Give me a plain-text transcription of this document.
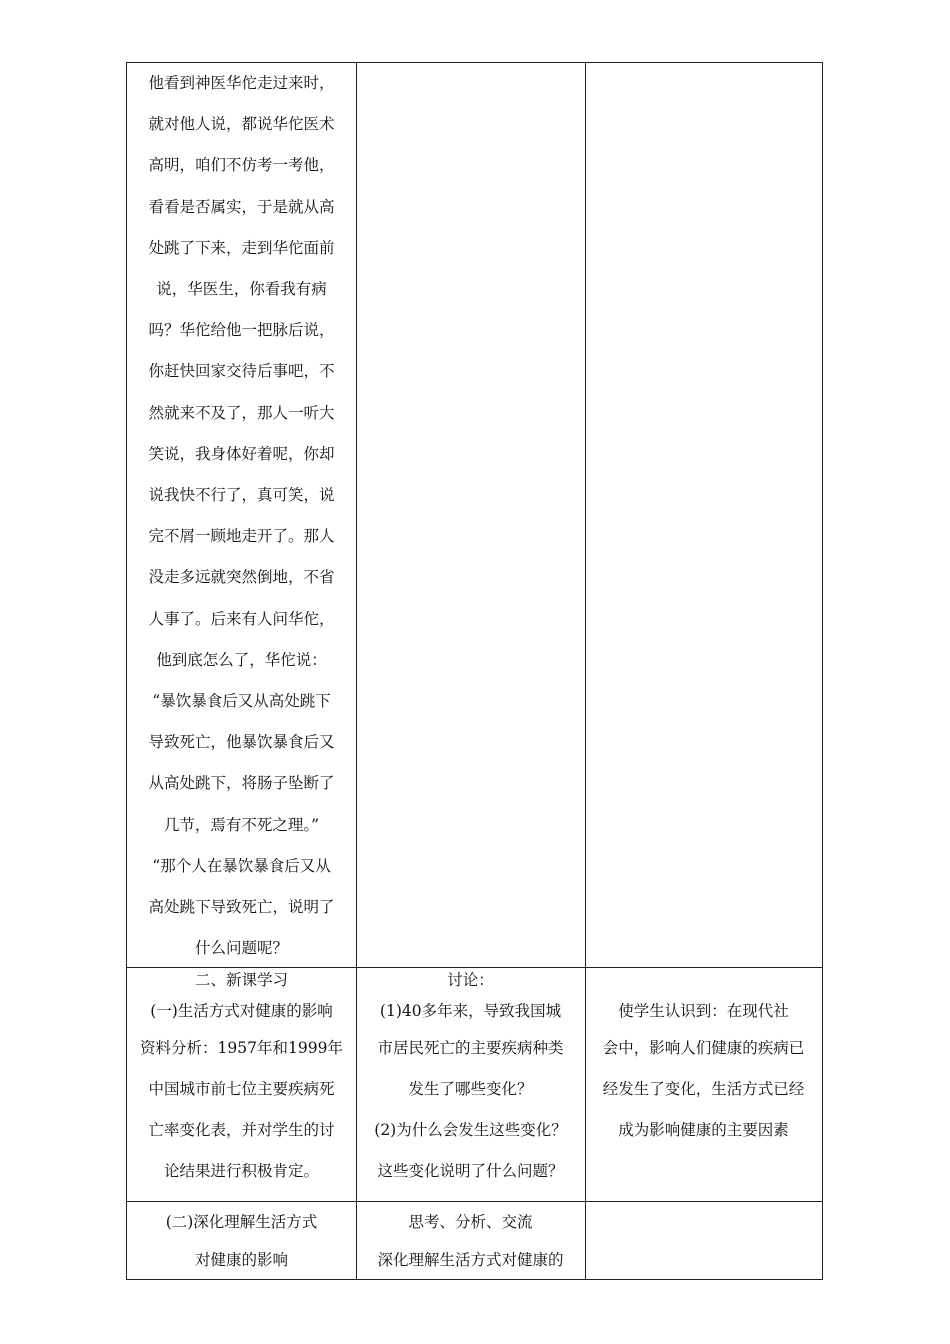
他看到神医华佗走过来时，
就对他人说，都说华佗医术
高明，咱们不仿考一考他，
看看是否属实，于是就从高
处跳了下来，走到华佗面前
说，华医生，你看我有病
吗？华佗给他一把脉后说，
你赶快回家交待后事吧，不
然就来不及了，那人一听大
笑说，我身体好着呢，你却
说我快不行了，真可笑，说
完不屑一顾地走开了。那人
没走多远就突然倒地，不省
人事了。后来有人问华佗，
他到底怎么了，华佗说：
“暴饮暴食后又从高处跳下
导致死亡，他暴饮暴食后又
从高处跳下，将肠子坠断了
几节，焉有不死之理。”
“那个人在暴饮暴食后又从
高处跳下导致死亡，说明了
什么问题呢？
二、新课学习
(一)生活方式对健康的影响
资料分析：1957年和1999年
中国城市前七位主要疾病死
亡率变化表，并对学生的讨
论结果进行积极肯定。
讨论：
(1)40多年来，导致我国城
市居民死亡的主要疾病种类
发生了哪些变化？
(2)为什么会发生这些变化？
这些变化说明了什么问题？
使学生认识到：在现代社
会中，影响人们健康的疾病已
经发生了变化，生活方式已经
成为影响健康的主要因素
(二)深化理解生活方式
对健康的影响
思考、分析、交流
深化理解生活方式对健康的
